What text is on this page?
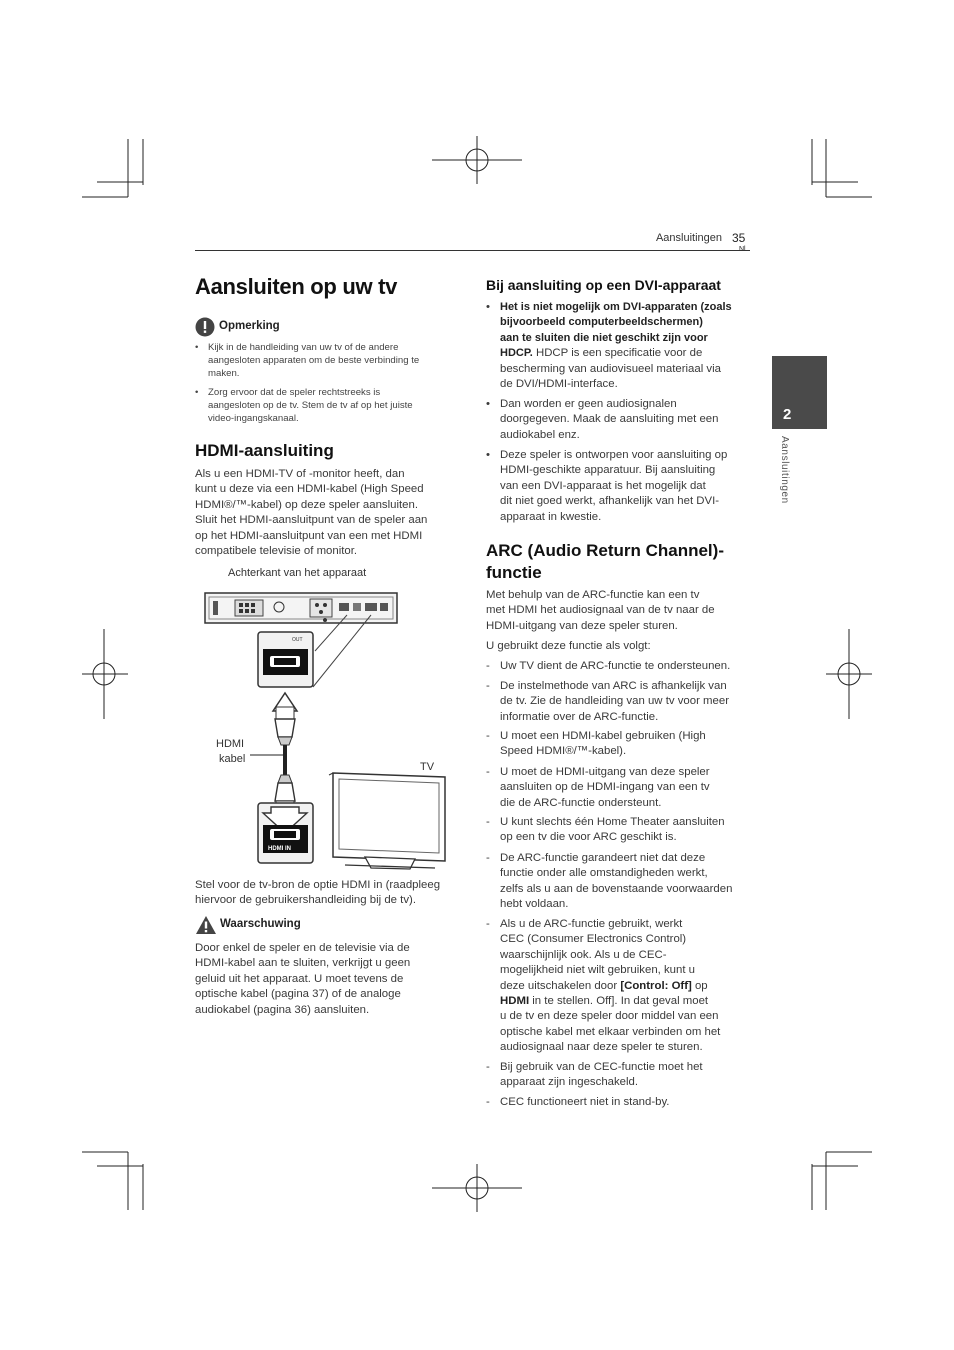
Aansluitingen 35
2
Aansluitingen
Aansluiten op uw tv
Opmerking
• Kijk in de handleiding van uw tv of de andere
aangesloten apparaten om de beste verbinding te
maken.
• Zorg ervoor dat de speler rechtstreeks is
aangesloten op de tv. Stem de tv af op het juiste
video-ingangskanaal.
HDMI-aansluiting
Als u een HDMI-TV of -monitor heeft, dan
kunt u deze via een HDMI-kabel (High Speed
HDMI®/™-kabel) op deze speler aansluiten.
Sluit het HDMI-aansluitpunt van de speler aan
op het HDMI-aansluitpunt van een met HDMI
compatibele televisie of monitor.
Achterkant van het apparaat
OUT
HDMI IN
HDMI
kabel
TV
Stel voor de tv-bron de optie HDMI in (raadpleeg
hiervoor de gebruikershandleiding bij de tv).
Waarschuwing
Door enkel de speler en de televisie via de
HDMI-kabel aan te sluiten, verkrijgt u geen
geluid uit het apparaat. U moet tevens de
optische kabel (pagina 37) of de analoge
audiokabel (pagina 36) aansluiten.
Bij aansluiting op een DVI-apparaat
• Het is niet mogelijk om DVI-apparaten (zoals
bijvoorbeeld computerbeeldschermen)
aan te sluiten die niet geschikt zijn voor
HDCP. HDCP is een specificatie voor de
bescherming van audiovisueel materiaal via
de DVI/HDMI-interface.
• Dan worden er geen audiosignalen
doorgegeven. Maak de aansluiting met een
audiokabel enz.
• Deze speler is ontworpen voor aansluiting op
HDMI-geschikte apparatuur. Bij aansluiting
van een DVI-apparaat is het mogelijk dat
dit niet goed werkt, afhankelijk van het DVI-
apparaat in kwestie.
ARC (Audio Return Channel)-
functie
Met behulp van de ARC-functie kan een tv
met HDMI het audiosignaal van de tv naar de
HDMI-uitgang van deze speler sturen.
U gebruikt deze functie als volgt:
- Uw TV dient de ARC-functie te ondersteunen.
- De instelmethode van ARC is afhankelijk van
de tv. Zie de handleiding van uw tv voor meer
informatie over de ARC-functie.
- U moet een HDMI-kabel gebruiken (High
Speed HDMI®/™-kabel).
- U moet de HDMI-uitgang van deze speler
aansluiten op de HDMI-ingang van een tv
die de ARC-functie ondersteunt.
- U kunt slechts één Home Theater aansluiten
op een tv die voor ARC geschikt is.
- De ARC-functie garandeert niet dat deze
functie onder alle omstandigheden werkt,
zelfs als u aan de bovenstaande voorwaarden
hebt voldaan.
- Als u de ARC-functie gebruikt, werkt
CEC (Consumer Electronics Control)
waarschijnlijk ook. Als u de CEC-
mogelijkheid niet wilt gebruiken, kunt u
deze uitschakelen door [Control: Off] op
HDMI in te stellen. Off]. In dat geval moet
u de tv en deze speler door middel van een
optische kabel met elkaar verbinden om het
audiosignaal naar deze speler te sturen.
- Bij gebruik van de CEC-functie moet het
apparaat zijn ingeschakeld.
- CEC functioneert niet in stand-by.
